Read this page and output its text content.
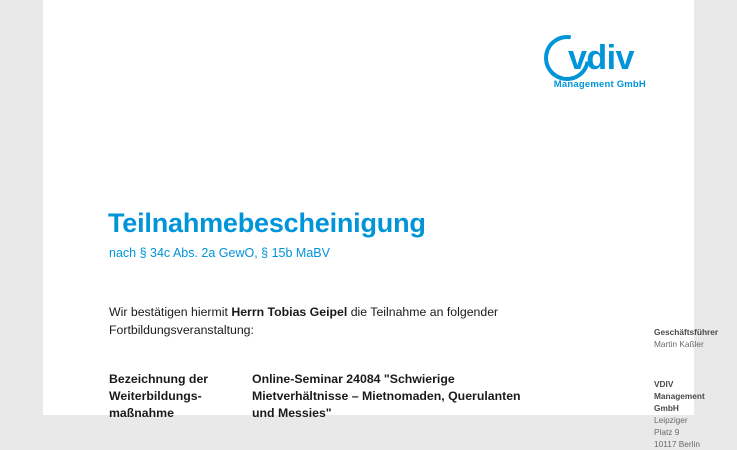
vdiv
Management GmbH
Teilnahmebescheinigung
nach § 34c Abs. 2a GewO, § 15b MaBV
Wir bestätigen hiermit Herrn Tobias Geipel die Teilnahme an folgender Fortbildungsveranstaltung:
Bezeichnung der Weiterbildungs-maßnahme
Online-Seminar 24084 "Schwierige Mietverhältnisse – Mietnomaden, Querulanten und Messies"
Geschäftsführer
Martin Kaßler
VDIV Management GmbH
Leipziger Platz 9
10117 Berlin
